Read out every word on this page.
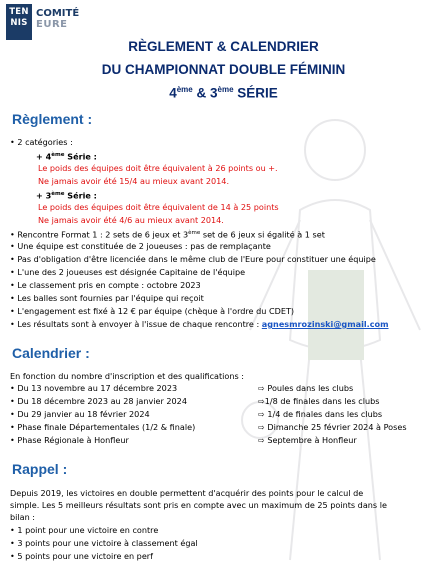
TEN
NIS
COMITÉ
EURE
RÈGLEMENT & CALENDRIER
DU CHAMPIONNAT DOUBLE FÉMININ
4ème & 3ème SÉRIE
Règlement :
• 2 catégories :
+ 4ème Série :
Le poids des équipes doit être équivalent à 26 points ou +.
Ne jamais avoir été 15/4 au mieux avant 2014.
+ 3ème Série :
Le poids des équipes doit être équivalent de 14 à 25 points
Ne jamais avoir été 4/6 au mieux avant 2014.
• Rencontre Format 1 : 2 sets de 6 jeux et 3ème set de 6 jeux si égalité à 1 set
• Une équipe est constituée de 2 joueuses : pas de remplaçante
• Pas d'obligation d'être licenciée dans le même club de l'Eure pour constituer une équipe
• L'une des 2 joueuses est désignée Capitaine de l'équipe
• Le classement pris en compte : octobre 2023
• Les balles sont fournies par l'équipe qui reçoit
• L'engagement est fixé à 12 € par équipe (chèque à l'ordre du CDET)
• Les résultats sont à envoyer à l'issue de chaque rencontre : agnesmrozinski@gmail.com
Calendrier :
En fonction du nombre d'inscription et des qualifications :
• Du 13 novembre au 17 décembre 2023	⇨ Poules dans les clubs
• Du 18 décembre 2023 au 28 janvier 2024	⇨1/8 de finales dans les clubs
• Du 29 janvier au 18 février 2024	⇨ 1/4 de finales dans les clubs
• Phase finale Départementales (1/2 & finale)	⇨ Dimanche 25 février 2024 à Poses
• Phase Régionale à Honfleur	⇨ Septembre à Honfleur
Rappel :
Depuis 2019, les victoires en double permettent d'acquérir des points pour le calcul de
simple. Les 5 meilleurs résultats sont pris en compte avec un maximum de 25 points dans le
bilan :
• 1 point pour une victoire en contre
• 3 points pour une victoire à classement égal
• 5 points pour une victoire en perf
